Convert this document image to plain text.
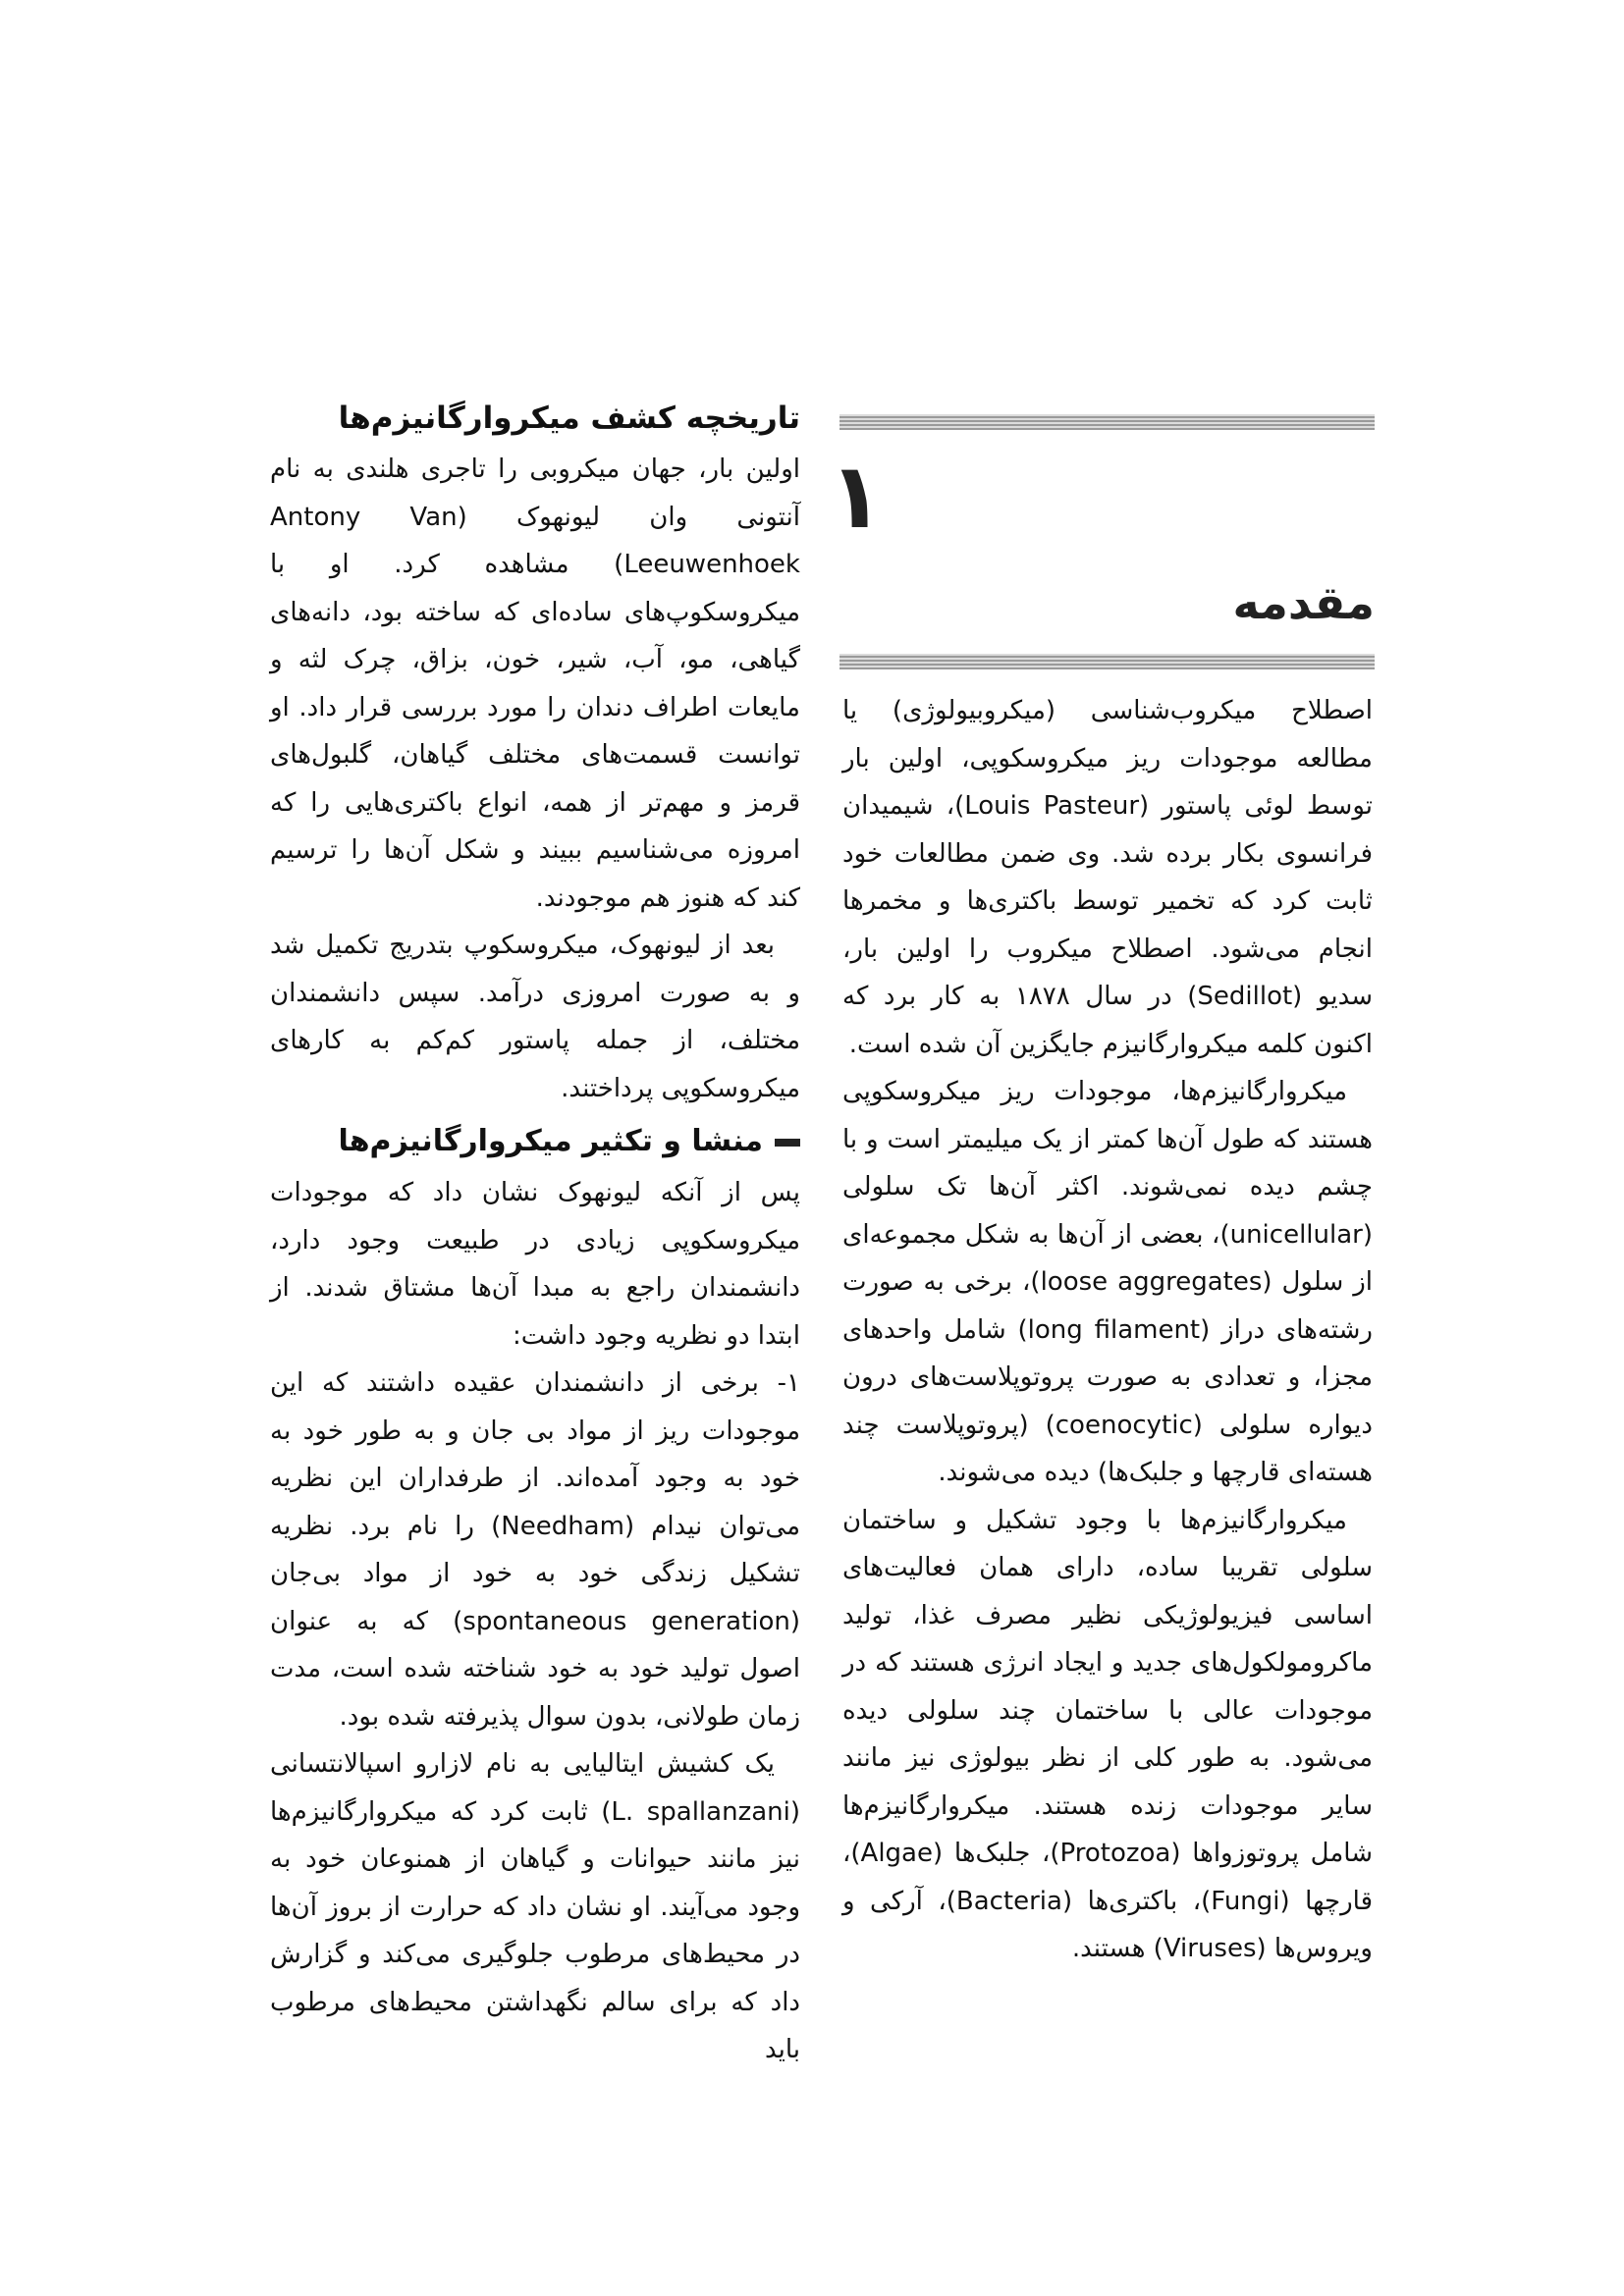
۱
مقدمه

اصطلاح میکروب‌شناسی (میکروبیولوژی) یا مطالعه موجودات ریز میکروسکوپی، اولین بار توسط لوئی پاستور (Louis Pasteur)، شیمیدان فرانسوی بکار برده شد. وی ضمن مطالعات خود ثابت کرد که تخمیر توسط باکتری‌ها و مخمرها انجام می‌شود. اصطلاح میکروب را اولین بار، سدیو (Sedillot) در سال ۱۸۷۸ به کار برد که اکنون کلمه میکروارگانیزم جایگزین آن شده است.

میکروارگانیزم‌ها، موجودات ریز میکروسکوپی هستند که طول آن‌ها کمتر از یک میلیمتر است و با چشم دیده نمی‌شوند. اکثر آن‌ها تک سلولی (unicellular)، بعضی از آن‌ها به شکل مجموعه‌ای از سلول (loose aggregates)، برخی به صورت رشته‌های دراز (long filament) شامل واحدهای مجزا، و تعدادی به صورت پروتوپلاست‌های درون دیواره سلولی (coenocytic) (پروتوپلاست چند هسته‌ای قارچها و جلبک‌ها) دیده می‌شوند.

میکروارگانیزم‌ها با وجود تشکیل و ساختمان سلولی تقریبا ساده، دارای همان فعالیت‌های اساسی فیزیولوژیکی نظیر مصرف غذا، تولید ماکرومولکول‌های جدید و ایجاد انرژی هستند که در موجودات عالی با ساختمان چند سلولی دیده می‌شود. به طور کلی از نظر بیولوژی نیز مانند سایر موجودات زنده هستند. میکروارگانیزم‌ها شامل پروتوزواها (Protozoa)، جلبک‌ها (Algae)، قارچها (Fungi)، باکتری‌ها (Bacteria)، آرکی و ویروس‌ها (Viruses) هستند.

تاریخچه کشف میکروارگانیزم‌ها

اولین بار، جهان میکروبی را تاجری هلندی به نام آنتونی وان لیونهوک (Antony Van Leeuwenhoek) مشاهده کرد. او با میکروسکوپ‌های ساده‌ای که ساخته بود، دانه‌های گیاهی، مو، آب، شیر، خون، بزاق، چرک لثه و مایعات اطراف دندان را مورد بررسی قرار داد. او توانست قسمت‌های مختلف گیاهان، گلبول‌های قرمز و مهم‌تر از همه، انواع باکتری‌هایی را که امروزه می‌شناسیم ببیند و شکل آن‌ها را ترسیم کند که هنوز هم موجودند.

بعد از لیونهوک، میکروسکوپ بتدریج تکمیل شد و به صورت امروزی درآمد. سپس دانشمندان مختلف، از جمله پاستور کم‌کم به کارهای میکروسکوپی پرداختند.

منشا و تکثیر میکروارگانیزم‌ها

پس از آنکه لیونهوک نشان داد که موجودات میکروسکوپی زیادی در طبیعت وجود دارد، دانشمندان راجع به مبدا آن‌ها مشتاق شدند. از ابتدا دو نظریه وجود داشت:

۱- برخی از دانشمندان عقیده داشتند که این موجودات ریز از مواد بی جان و به طور خود به خود به وجود آمده‌اند. از طرفداران این نظریه می‌توان نیدام (Needham) را نام برد. نظریه تشکیل زندگی خود به خود از مواد بی‌جان (spontaneous generation) که به عنوان اصول تولید خود به خود شناخته شده است، مدت زمان طولانی، بدون سوال پذیرفته شده بود.

یک کشیش ایتالیایی به نام لازارو اسپالانتسانی (L. spallanzani) ثابت کرد که میکروارگانیزم‌ها نیز مانند حیوانات و گیاهان از همنوعان خود به وجود می‌آیند. او نشان داد که حرارت از بروز آن‌ها در محیط‌های مرطوب جلوگیری می‌کند و گزارش داد که برای سالم نگهداشتن محیط‌های مرطوب باید
